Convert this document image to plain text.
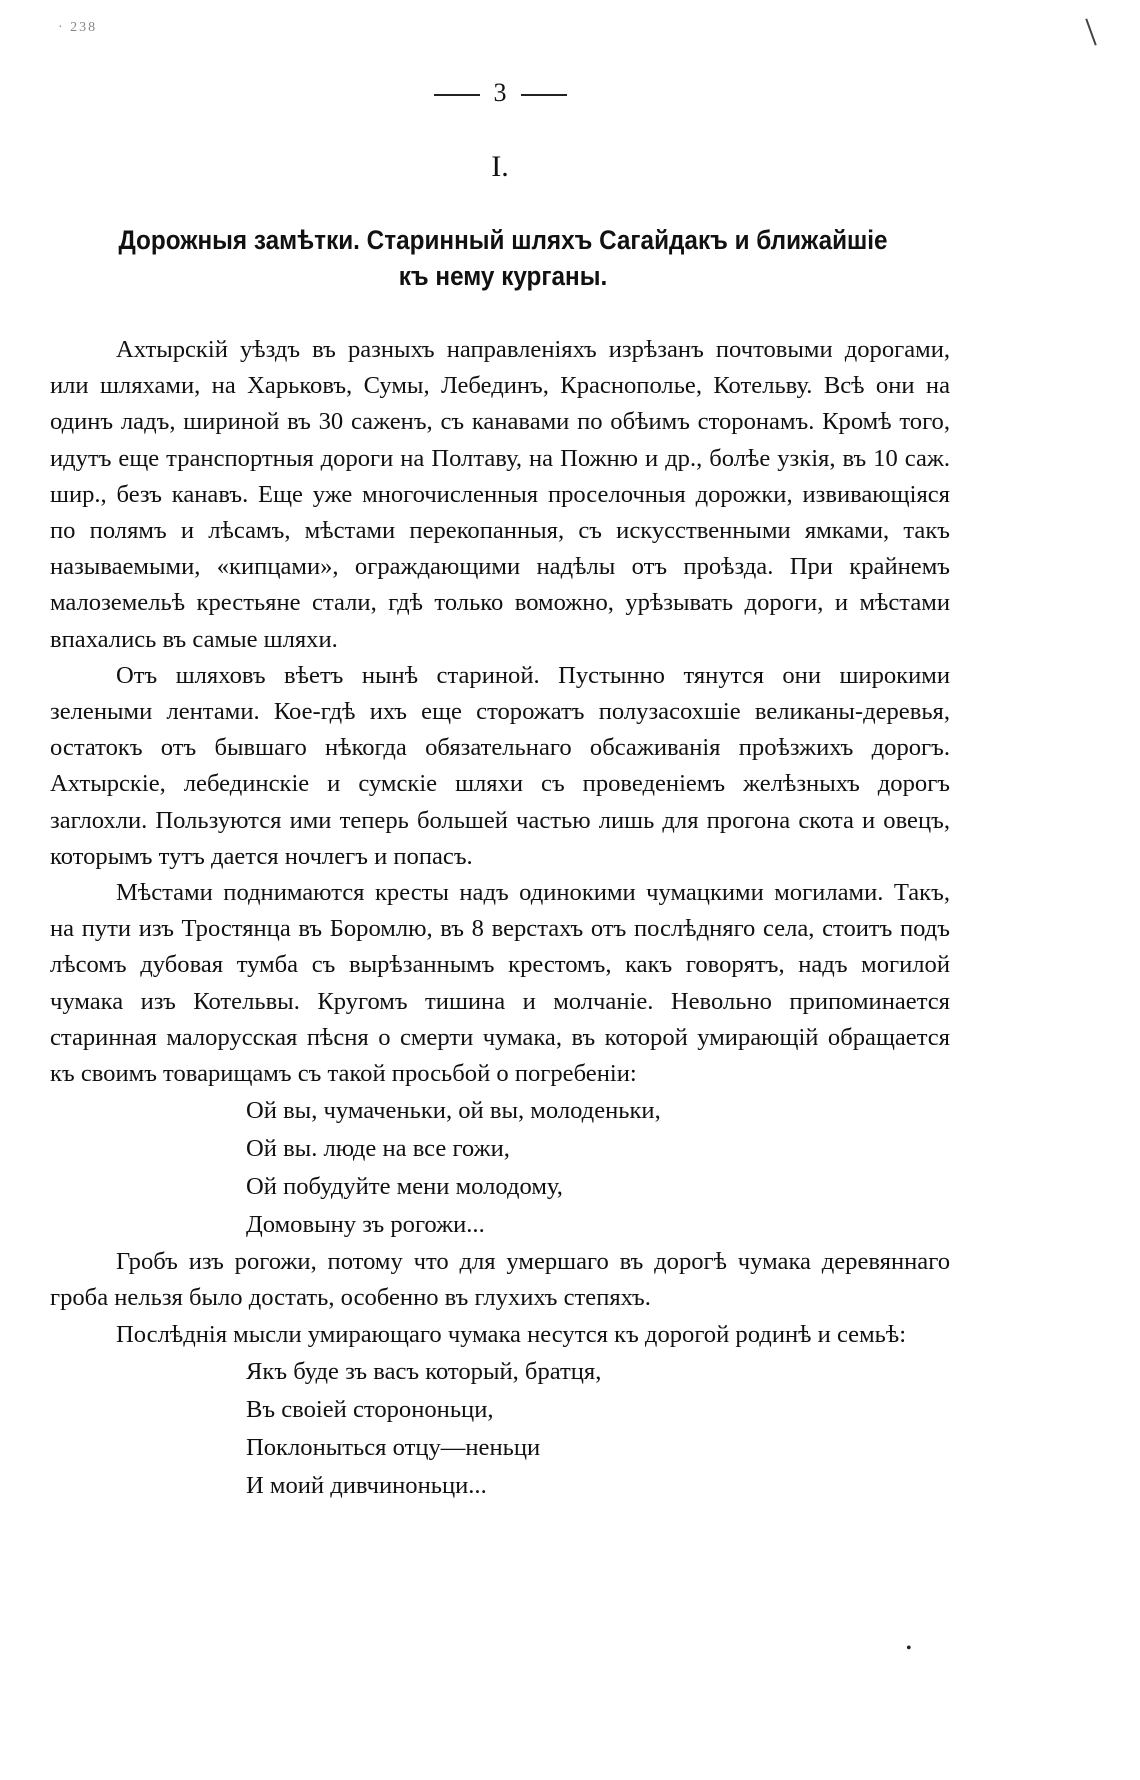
· 238
3
I.
Дорожныя замѣтки. Старинный шляхъ Сагайдакъ и ближайшіе къ нему курганы.

Ахтырскій уѣздъ въ разныхъ направленіяхъ изрѣзанъ почтовыми дорогами, или шляхами, на Харьковъ, Сумы, Лебединъ, Краснополье, Котельву. Всѣ они на одинъ ладъ, шириной въ 30 саженъ, съ канавами по обѣимъ сторонамъ. Кромѣ того, идутъ еще транспортныя дороги на Полтаву, на Пожню и др., болѣе узкія, въ 10 саж. шир., безъ канавъ. Еще уже многочисленныя проселочныя дорожки, извивающіяся по полямъ и лѣсамъ, мѣстами перекопанныя, съ искусственными ямками, такъ называемыми, «кипцами», ограждающими надѣлы отъ проѣзда. При крайнемъ малоземельѣ крестьяне стали, гдѣ только воможно, урѣзывать дороги, и мѣстами впахались въ самые шляхи.

Отъ шляховъ вѣетъ нынѣ стариной. Пустынно тянутся они широкими зелеными лентами. Кое-гдѣ ихъ еще сторожатъ полузасохшіе великаны-деревья, остатокъ отъ бывшаго нѣкогда обязательнаго обсаживанія проѣзжихъ дорогъ. Ахтырскіе, лебединскіе и сумскіе шляхи съ проведеніемъ желѣзныхъ дорогъ заглохли. Пользуются ими теперь большей частью лишь для прогона скота и овецъ, которымъ тутъ дается ночлегъ и попасъ.

Мѣстами поднимаются кресты надъ одинокими чумацкими могилами. Такъ, на пути изъ Тростянца въ Боромлю, въ 8 верстахъ отъ послѣдняго села, стоитъ подъ лѣсомъ дубовая тумба съ вырѣзаннымъ крестомъ, какъ говорятъ, надъ могилой чумака изъ Котельвы. Кругомъ тишина и молчаніе. Невольно припоминается старинная малорусская пѣсня о смерти чумака, въ которой умирающій обращается къ своимъ товарищамъ съ такой просьбой о погребеніи:

Ой вы, чумаченьки, ой вы, молоденьки,
Ой вы. люде на все гожи,
Ой побудуйте мени молодому,
Домовыну зъ рогожи...

Гробъ изъ рогожи, потому что для умершаго въ дорогѣ чумака деревяннаго гроба нельзя было достать, особенно въ глухихъ степяхъ.

Послѣднія мысли умирающаго чумака несутся къ дорогой родинѣ и семьѣ:

Якъ буде зъ васъ который, братця,
Въ своіей сторононьци,
Поклоныться отцу—неньци
И моий дивчиноньци...
•
